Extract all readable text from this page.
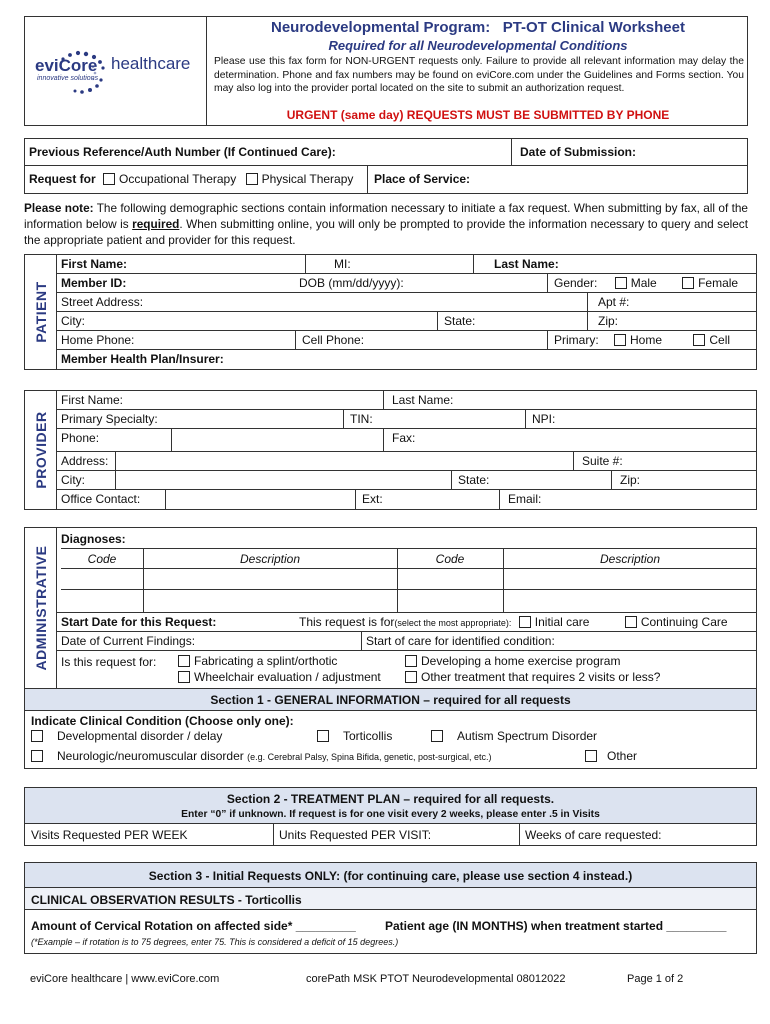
eviCore healthcare
innovative solutions
Neurodevelopmental Program:   PT-OT Clinical Worksheet
Required for all Neurodevelopmental Conditions
Please use this fax form for NON-URGENT requests only. Failure to provide all relevant information may delay the determination. Phone and fax numbers may be found on eviCore.com under the Guidelines and Forms section. You may also log into the provider portal located on the site to submit an authorization request.
URGENT (same day) REQUESTS MUST BE SUBMITTED BY PHONE
Previous Reference/Auth Number (If Continued Care):	Date of Submission:
Request for Occupational Therapy Physical Therapy	Place of Service:
Please note: The following demographic sections contain information necessary to initiate a fax request. When submitting by fax, all of the information below is required. When submitting online, you will only be prompted to provide the information necessary to query and select the appropriate patient and provider for this request.
PATIENT
First Name:	MI:	Last Name:
Member ID:	DOB (mm/dd/yyyy):	Gender:	Male	Female
Street Address:	Apt #:
City:	State:	Zip:
Home Phone:	Cell Phone:	Primary:	Home	Cell
Member Health Plan/Insurer:
PROVIDER
First Name:	Last Name:
Primary Specialty:	TIN:	NPI:
Phone:	Fax:
Address:	Suite #:
City:	State:	Zip:
Office Contact:	Ext:	Email:
ADMINISTRATIVE
Diagnoses:
Code	Description	Code	Description
Start Date for this Request:	This request is for(select the most appropriate): Initial care	Continuing Care
Date of Current Findings:	Start of care for identified condition:
Is this request for:	Fabricating a splint/orthotic	Developing a home exercise program
Wheelchair evaluation / adjustment	Other treatment that requires 2 visits or less?
Section 1 - GENERAL INFORMATION – required for all requests
Indicate Clinical Condition (Choose only one):
Developmental disorder / delay	Torticollis	Autism Spectrum Disorder
Neurologic/neuromuscular disorder (e.g. Cerebral Palsy, Spina Bifida, genetic, post-surgical, etc.)	Other
Section 2 - TREATMENT PLAN – required for all requests.
Enter “0” if unknown. If request is for one visit every 2 weeks, please enter .5 in Visits
Visits Requested PER WEEK	Units Requested PER VISIT:	Weeks of care requested:
Section 3 - Initial Requests ONLY: (for continuing care, please use section 4 instead.)
CLINICAL OBSERVATION RESULTS - Torticollis
Amount of Cervical Rotation on affected side* _________ Patient age (IN MONTHS) when treatment started _________
(*Example – if rotation is to 75 degrees, enter 75. This is considered a deficit of 15 degrees.)
eviCore healthcare | www.eviCore.com	corePath MSK PTOT Neurodevelopmental 08012022	Page 1 of 2
